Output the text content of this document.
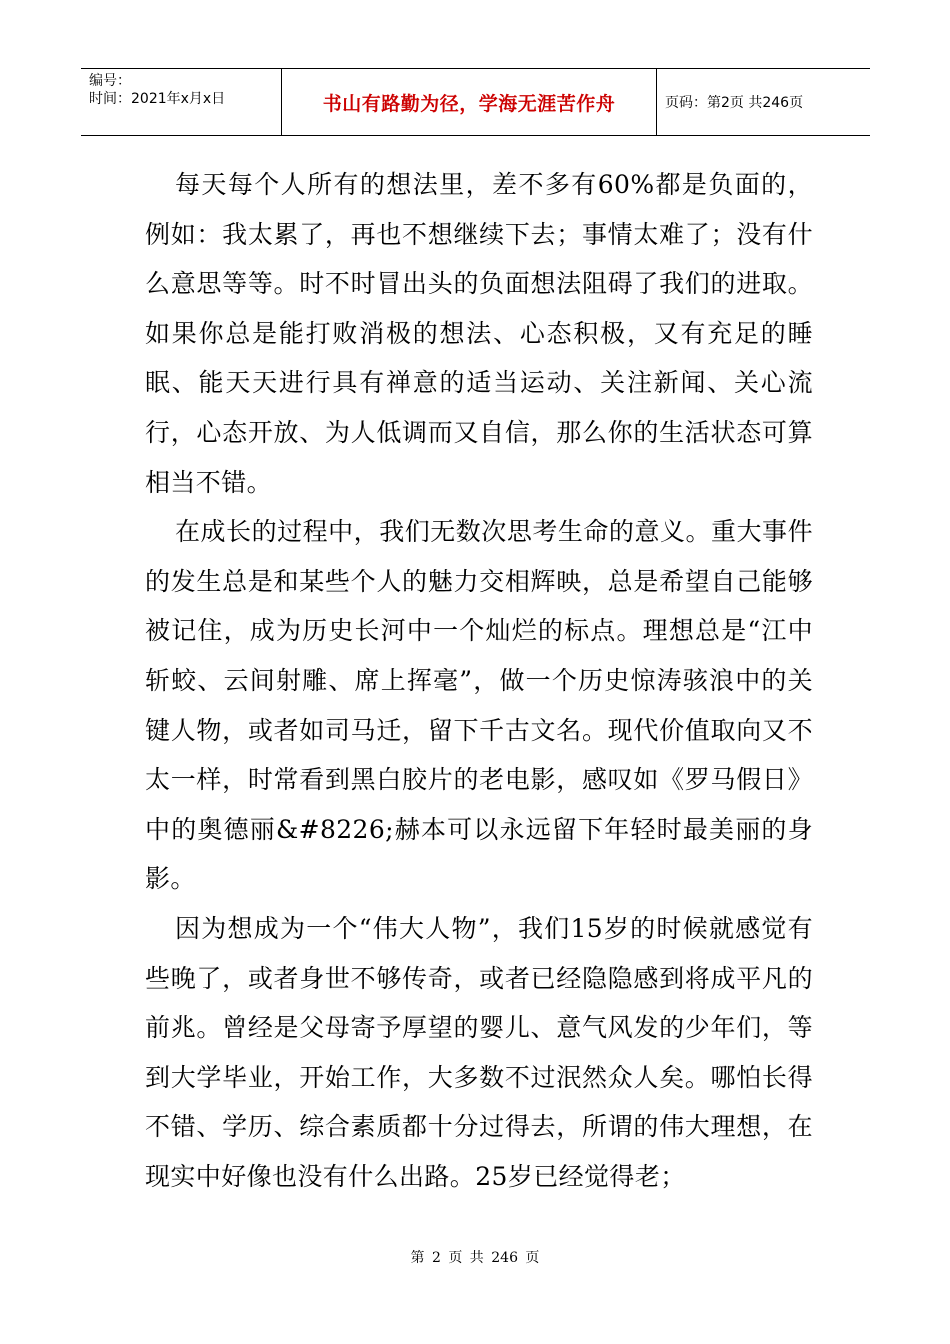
编号：
时间：2021年x月x日	书山有路勤为径，学海无涯苦作舟	页码：第2页 共246页

每天每个人所有的想法里，差不多有60%都是负面的，例如：我太累了，再也不想继续下去；事情太难了；没有什么意思等等。时不时冒出头的负面想法阻碍了我们的进取。如果你总是能打败消极的想法、心态积极，又有充足的睡眠、能天天进行具有禅意的适当运动、关注新闻、关心流行，心态开放、为人低调而又自信，那么你的生活状态可算相当不错。

在成长的过程中，我们无数次思考生命的意义。重大事件的发生总是和某些个人的魅力交相辉映，总是希望自己能够被记住，成为历史长河中一个灿烂的标点。理想总是“江中斩蛟、云间射雕、席上挥毫”，做一个历史惊涛骇浪中的关键人物，或者如司马迁，留下千古文名。现代价值取向又不太一样，时常看到黑白胶片的老电影，感叹如《罗马假日》中的奥德丽&#8226;赫本可以永远留下年轻时最美丽的身影。

因为想成为一个“伟大人物”，我们15岁的时候就感觉有些晚了，或者身世不够传奇，或者已经隐隐感到将成平凡的前兆。曾经是父母寄予厚望的婴儿、意气风发的少年们，等到大学毕业，开始工作，大多数不过泯然众人矣。哪怕长得不错、学历、综合素质都十分过得去，所谓的伟大理想，在现实中好像也没有什么出路。25岁已经觉得老；

第 2 页 共 246 页
